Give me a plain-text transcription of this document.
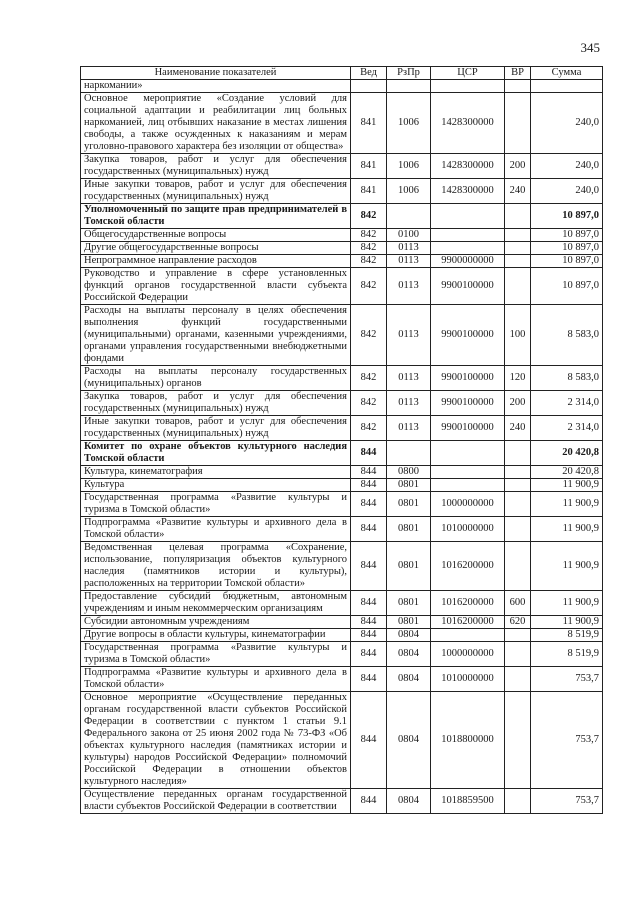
345
Наименование показателей	Вед	РзПр	ЦСР	ВР	Сумма
наркомании»					
Основное мероприятие «Создание условий для социальной адаптации и реабилитации лиц больных наркоманией, лиц отбывших наказание в местах лишения свободы, а также осужденных к наказаниям и мерам уголовно-правового характера без изоляции от общества»	841	1006	1428300000		240,0
Закупка товаров, работ и услуг для обеспечения государственных (муниципальных) нужд	841	1006	1428300000	200	240,0
Иные закупки товаров, работ и услуг для обеспечения государственных (муниципальных) нужд	841	1006	1428300000	240	240,0
Уполномоченный по защите прав предпринимателей в Томской области	842				10 897,0
Общегосударственные вопросы	842	0100			10 897,0
Другие общегосударственные вопросы	842	0113			10 897,0
Непрограммное направление расходов	842	0113	9900000000		10 897,0
Руководство и управление в сфере установленных функций органов государственной власти субъекта Российской Федерации	842	0113	9900100000		10 897,0
Расходы на выплаты персоналу в целях обеспечения выполнения функций государственными (муниципальными) органами, казенными учреждениями, органами управления государственными внебюджетными фондами	842	0113	9900100000	100	8 583,0
Расходы на выплаты персоналу государственных (муниципальных) органов	842	0113	9900100000	120	8 583,0
Закупка товаров, работ и услуг для обеспечения государственных (муниципальных) нужд	842	0113	9900100000	200	2 314,0
Иные закупки товаров, работ и услуг для обеспечения государственных (муниципальных) нужд	842	0113	9900100000	240	2 314,0
Комитет по охране объектов культурного наследия Томской области	844				20 420,8
Культура, кинематография	844	0800			20 420,8
Культура	844	0801			11 900,9
Государственная программа «Развитие культуры и туризма в Томской области»	844	0801	1000000000		11 900,9
Подпрограмма «Развитие культуры и архивного дела в Томской области»	844	0801	1010000000		11 900,9
Ведомственная целевая программа «Сохранение, использование, популяризация объектов культурного наследия (памятников истории и культуры), расположенных на территории Томской области»	844	0801	1016200000		11 900,9
Предоставление субсидий бюджетным, автономным учреждениям и иным некоммерческим организациям	844	0801	1016200000	600	11 900,9
Субсидии автономным учреждениям	844	0801	1016200000	620	11 900,9
Другие вопросы в области культуры, кинематографии	844	0804			8 519,9
Государственная программа «Развитие культуры и туризма в Томской области»	844	0804	1000000000		8 519,9
Подпрограмма «Развитие культуры и архивного дела в Томской области»	844	0804	1010000000		753,7
Основное мероприятие «Осуществление переданных органам государственной власти субъектов Российской Федерации в соответствии с пунктом 1 статьи 9.1 Федерального закона от 25 июня 2002 года № 73-ФЗ «Об объектах культурного наследия (памятниках истории и культуры) народов Российской Федерации» полномочий Российской Федерации в отношении объектов культурного наследия»	844	0804	1018800000		753,7
Осуществление переданных органам государственной власти субъектов Российской Федерации в соответствии	844	0804	1018859500		753,7
